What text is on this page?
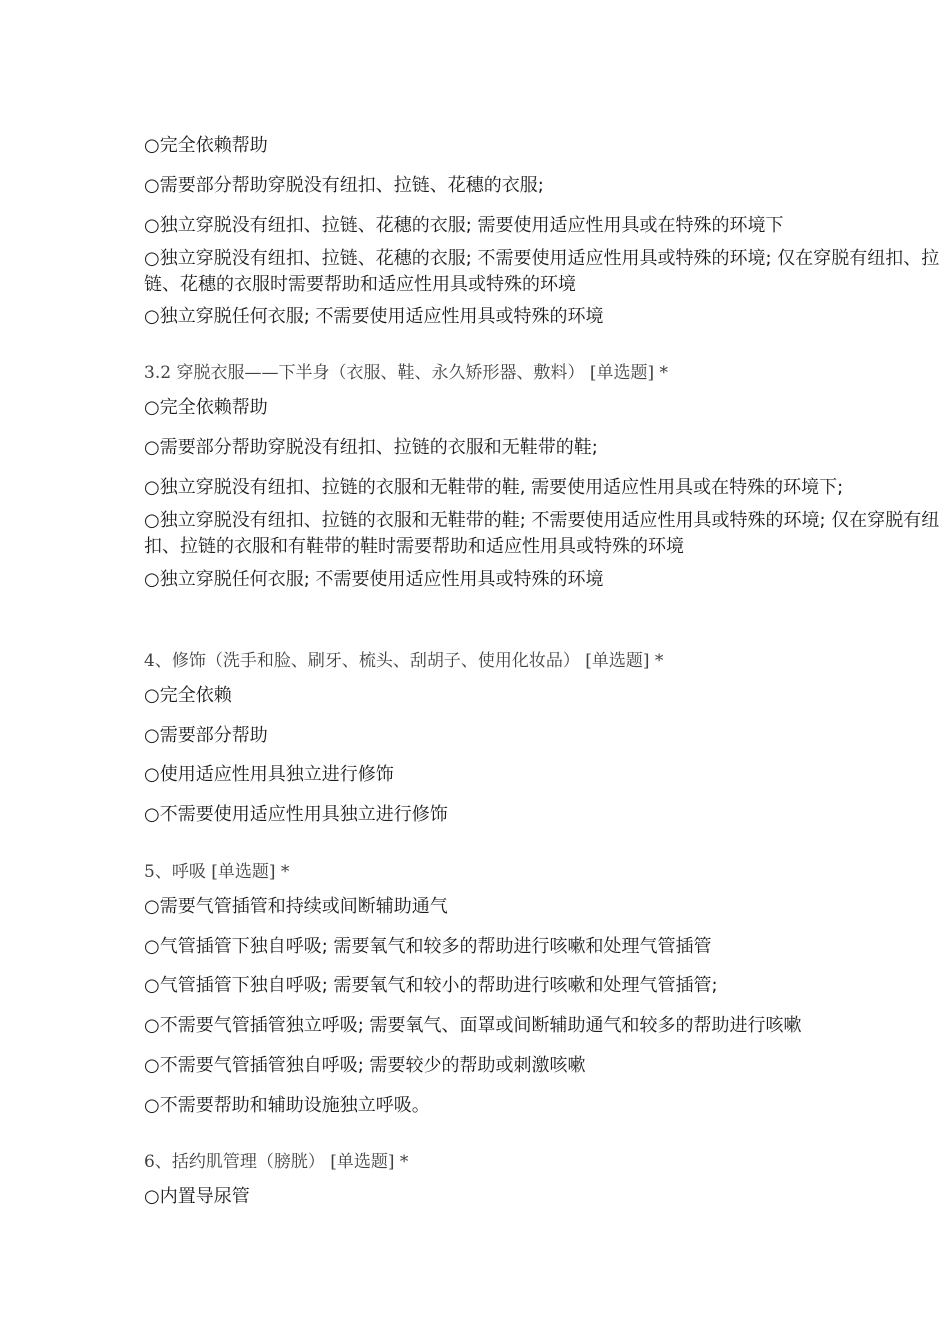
○完全依赖帮助
○需要部分帮助穿脱没有纽扣、拉链、花穗的衣服;
○独立穿脱没有纽扣、拉链、花穗的衣服; 需要使用适应性用具或在特殊的环境下
○独立穿脱没有纽扣、拉链、花穗的衣服; 不需要使用适应性用具或特殊的环境; 仅在穿脱有纽扣、拉链、花穗的衣服时需要帮助和适应性用具或特殊的环境
○独立穿脱任何衣服; 不需要使用适应性用具或特殊的环境
3.2 穿脱衣服——下半身（衣服、鞋、永久矫形器、敷料） [单选题] *
○完全依赖帮助
○需要部分帮助穿脱没有纽扣、拉链的衣服和无鞋带的鞋;
○独立穿脱没有纽扣、拉链的衣服和无鞋带的鞋, 需要使用适应性用具或在特殊的环境下;
○独立穿脱没有纽扣、拉链的衣服和无鞋带的鞋; 不需要使用适应性用具或特殊的环境; 仅在穿脱有纽扣、拉链的衣服和有鞋带的鞋时需要帮助和适应性用具或特殊的环境
○独立穿脱任何衣服; 不需要使用适应性用具或特殊的环境
4、修饰（洗手和脸、刷牙、梳头、刮胡子、使用化妆品） [单选题] *
○完全依赖
○需要部分帮助
○使用适应性用具独立进行修饰
○不需要使用适应性用具独立进行修饰
5、呼吸 [单选题] *
○需要气管插管和持续或间断辅助通气
○气管插管下独自呼吸; 需要氧气和较多的帮助进行咳嗽和处理气管插管
○气管插管下独自呼吸; 需要氧气和较小的帮助进行咳嗽和处理气管插管;
○不需要气管插管独立呼吸; 需要氧气、面罩或间断辅助通气和较多的帮助进行咳嗽
○不需要气管插管独自呼吸; 需要较少的帮助或刺激咳嗽
○不需要帮助和辅助设施独立呼吸。
6、括约肌管理（膀胱） [单选题] *
○内置导尿管
